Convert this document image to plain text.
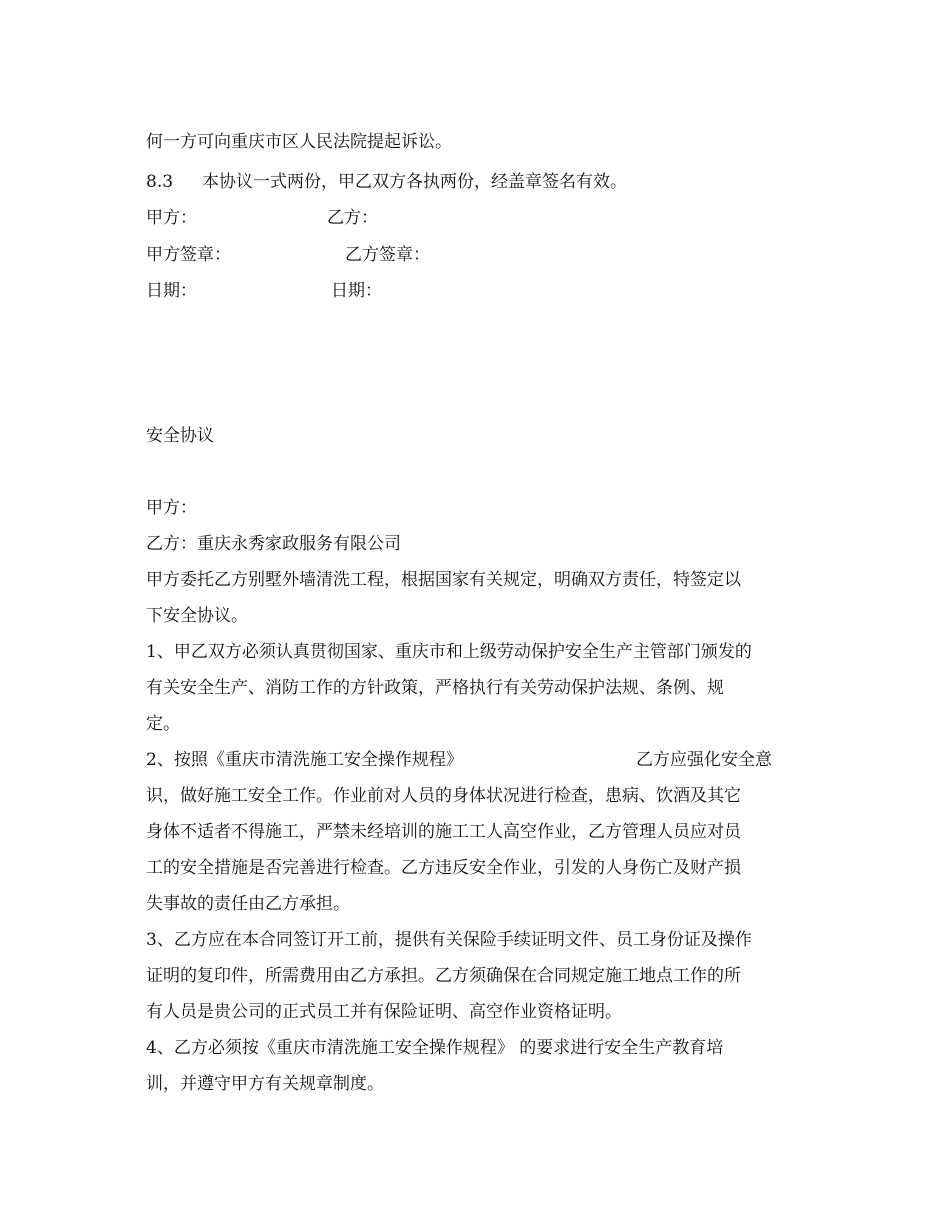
何一方可向重庆市区人民法院提起诉讼。
8.3 本协议一式两份，甲乙双方各执两份，经盖章签名有效。
甲方：	乙方：
甲方签章：	乙方签章：
日期：	日期：
安全协议
甲方：
乙方：重庆永秀家政服务有限公司
甲方委托乙方别墅外墙清洗工程，根据国家有关规定，明确双方责任，特签定以
下安全协议。
1、甲乙双方必须认真贯彻国家、重庆市和上级劳动保护安全生产主管部门颁发的
有关安全生产、消防工作的方针政策，严格执行有关劳动保护法规、条例、规
定。
2、按照《重庆市清洗施工安全操作规程》	乙方应强化安全意
识，做好施工安全工作。作业前对人员的身体状况进行检查，患病、饮酒及其它
身体不适者不得施工，严禁未经培训的施工工人高空作业，乙方管理人员应对员
工的安全措施是否完善进行检查。乙方违反安全作业，引发的人身伤亡及财产损
失事故的责任由乙方承担。
3、乙方应在本合同签订开工前，提供有关保险手续证明文件、员工身份证及操作
证明的复印件，所需费用由乙方承担。乙方须确保在合同规定施工地点工作的所
有人员是贵公司的正式员工并有保险证明、高空作业资格证明。
4、乙方必须按《重庆市清洗施工安全操作规程》 的要求进行安全生产教育培
训，并遵守甲方有关规章制度。
